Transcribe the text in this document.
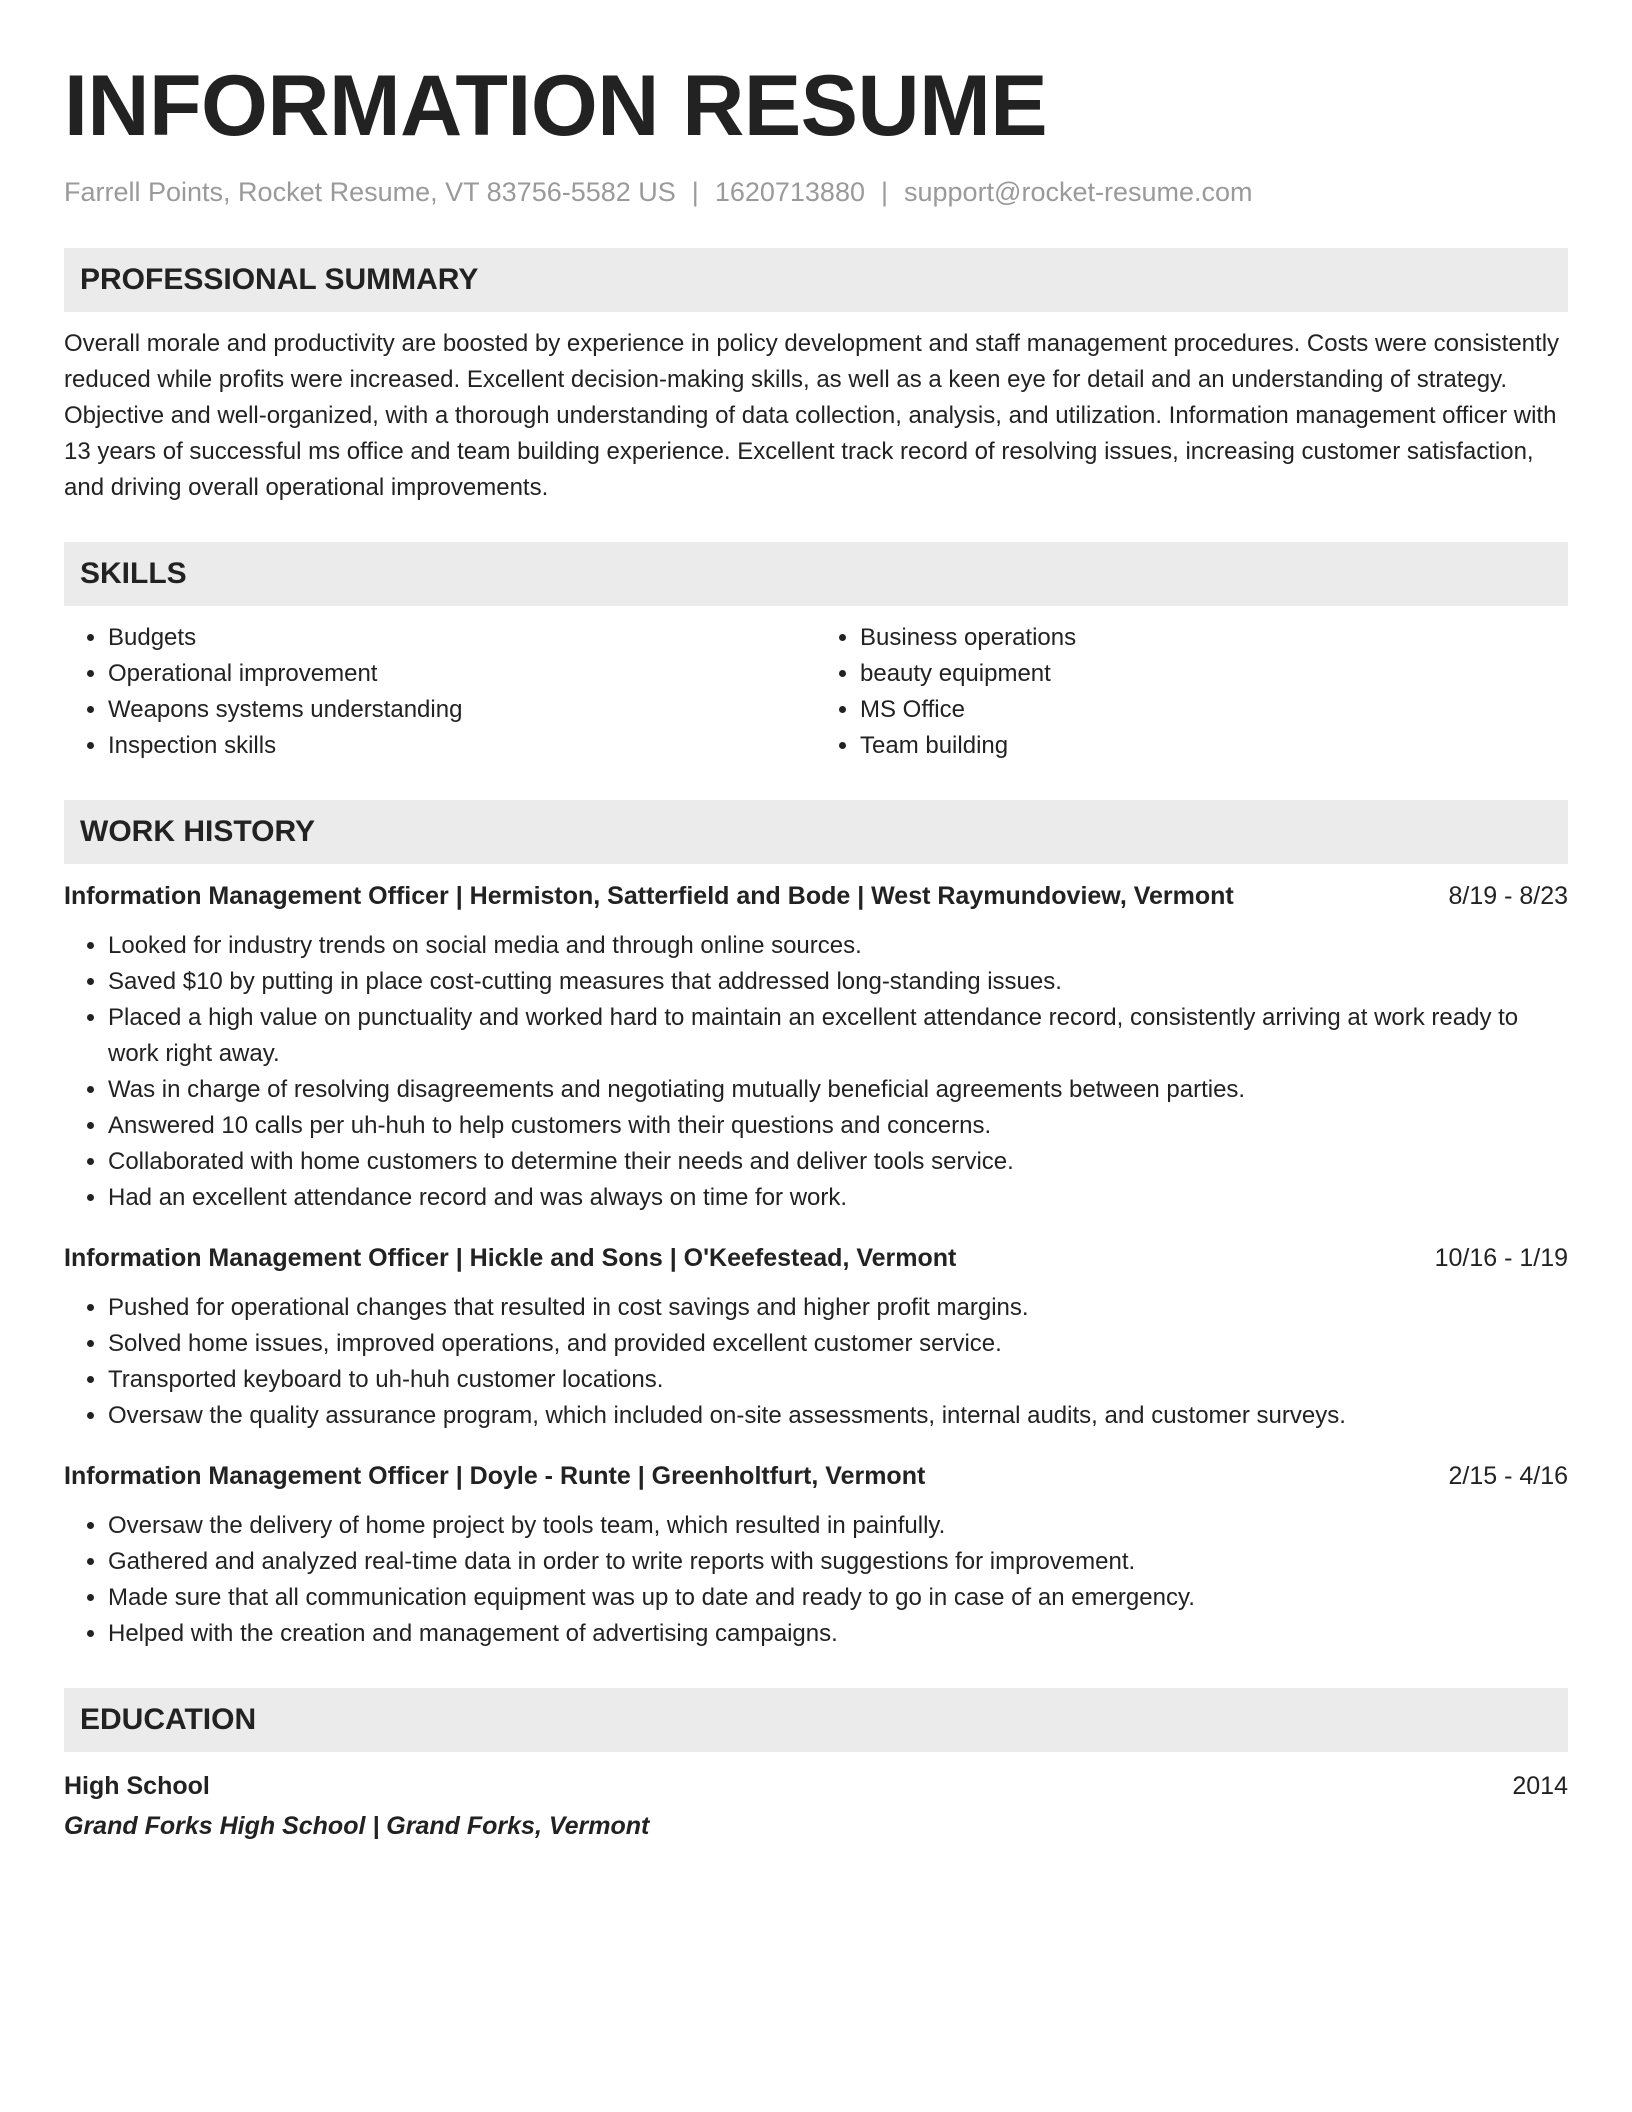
INFORMATION RESUME
Farrell Points, Rocket Resume, VT 83756-5582 US | 1620713880 | support@rocket-resume.com
PROFESSIONAL SUMMARY

Overall morale and productivity are boosted by experience in policy development and staff management procedures. Costs were consistently reduced while profits were increased. Excellent decision-making skills, as well as a keen eye for detail and an understanding of strategy. Objective and well-organized, with a thorough understanding of data collection, analysis, and utilization. Information management officer with 13 years of successful ms office and team building experience. Excellent track record of resolving issues, increasing customer satisfaction, and driving overall operational improvements.

SKILLS
• Budgets
• Operational improvement
• Weapons systems understanding
• Inspection skills
• Business operations
• beauty equipment
• MS Office
• Team building
WORK HISTORY
Information Management Officer | Hermiston, Satterfield and Bode | West Raymundoview, Vermont	8/19 - 8/23
• Looked for industry trends on social media and through online sources.
• Saved $10 by putting in place cost-cutting measures that addressed long-standing issues.
• Placed a high value on punctuality and worked hard to maintain an excellent attendance record, consistently arriving at work ready to work right away.
• Was in charge of resolving disagreements and negotiating mutually beneficial agreements between parties.
• Answered 10 calls per uh-huh to help customers with their questions and concerns.
• Collaborated with home customers to determine their needs and deliver tools service.
• Had an excellent attendance record and was always on time for work.
Information Management Officer | Hickle and Sons | O'Keefestead, Vermont	10/16 - 1/19
• Pushed for operational changes that resulted in cost savings and higher profit margins.
• Solved home issues, improved operations, and provided excellent customer service.
• Transported keyboard to uh-huh customer locations.
• Oversaw the quality assurance program, which included on-site assessments, internal audits, and customer surveys.
Information Management Officer | Doyle - Runte | Greenholtfurt, Vermont	2/15 - 4/16
• Oversaw the delivery of home project by tools team, which resulted in painfully.
• Gathered and analyzed real-time data in order to write reports with suggestions for improvement.
• Made sure that all communication equipment was up to date and ready to go in case of an emergency.
• Helped with the creation and management of advertising campaigns.
EDUCATION
High School	2014
Grand Forks High School | Grand Forks, Vermont
